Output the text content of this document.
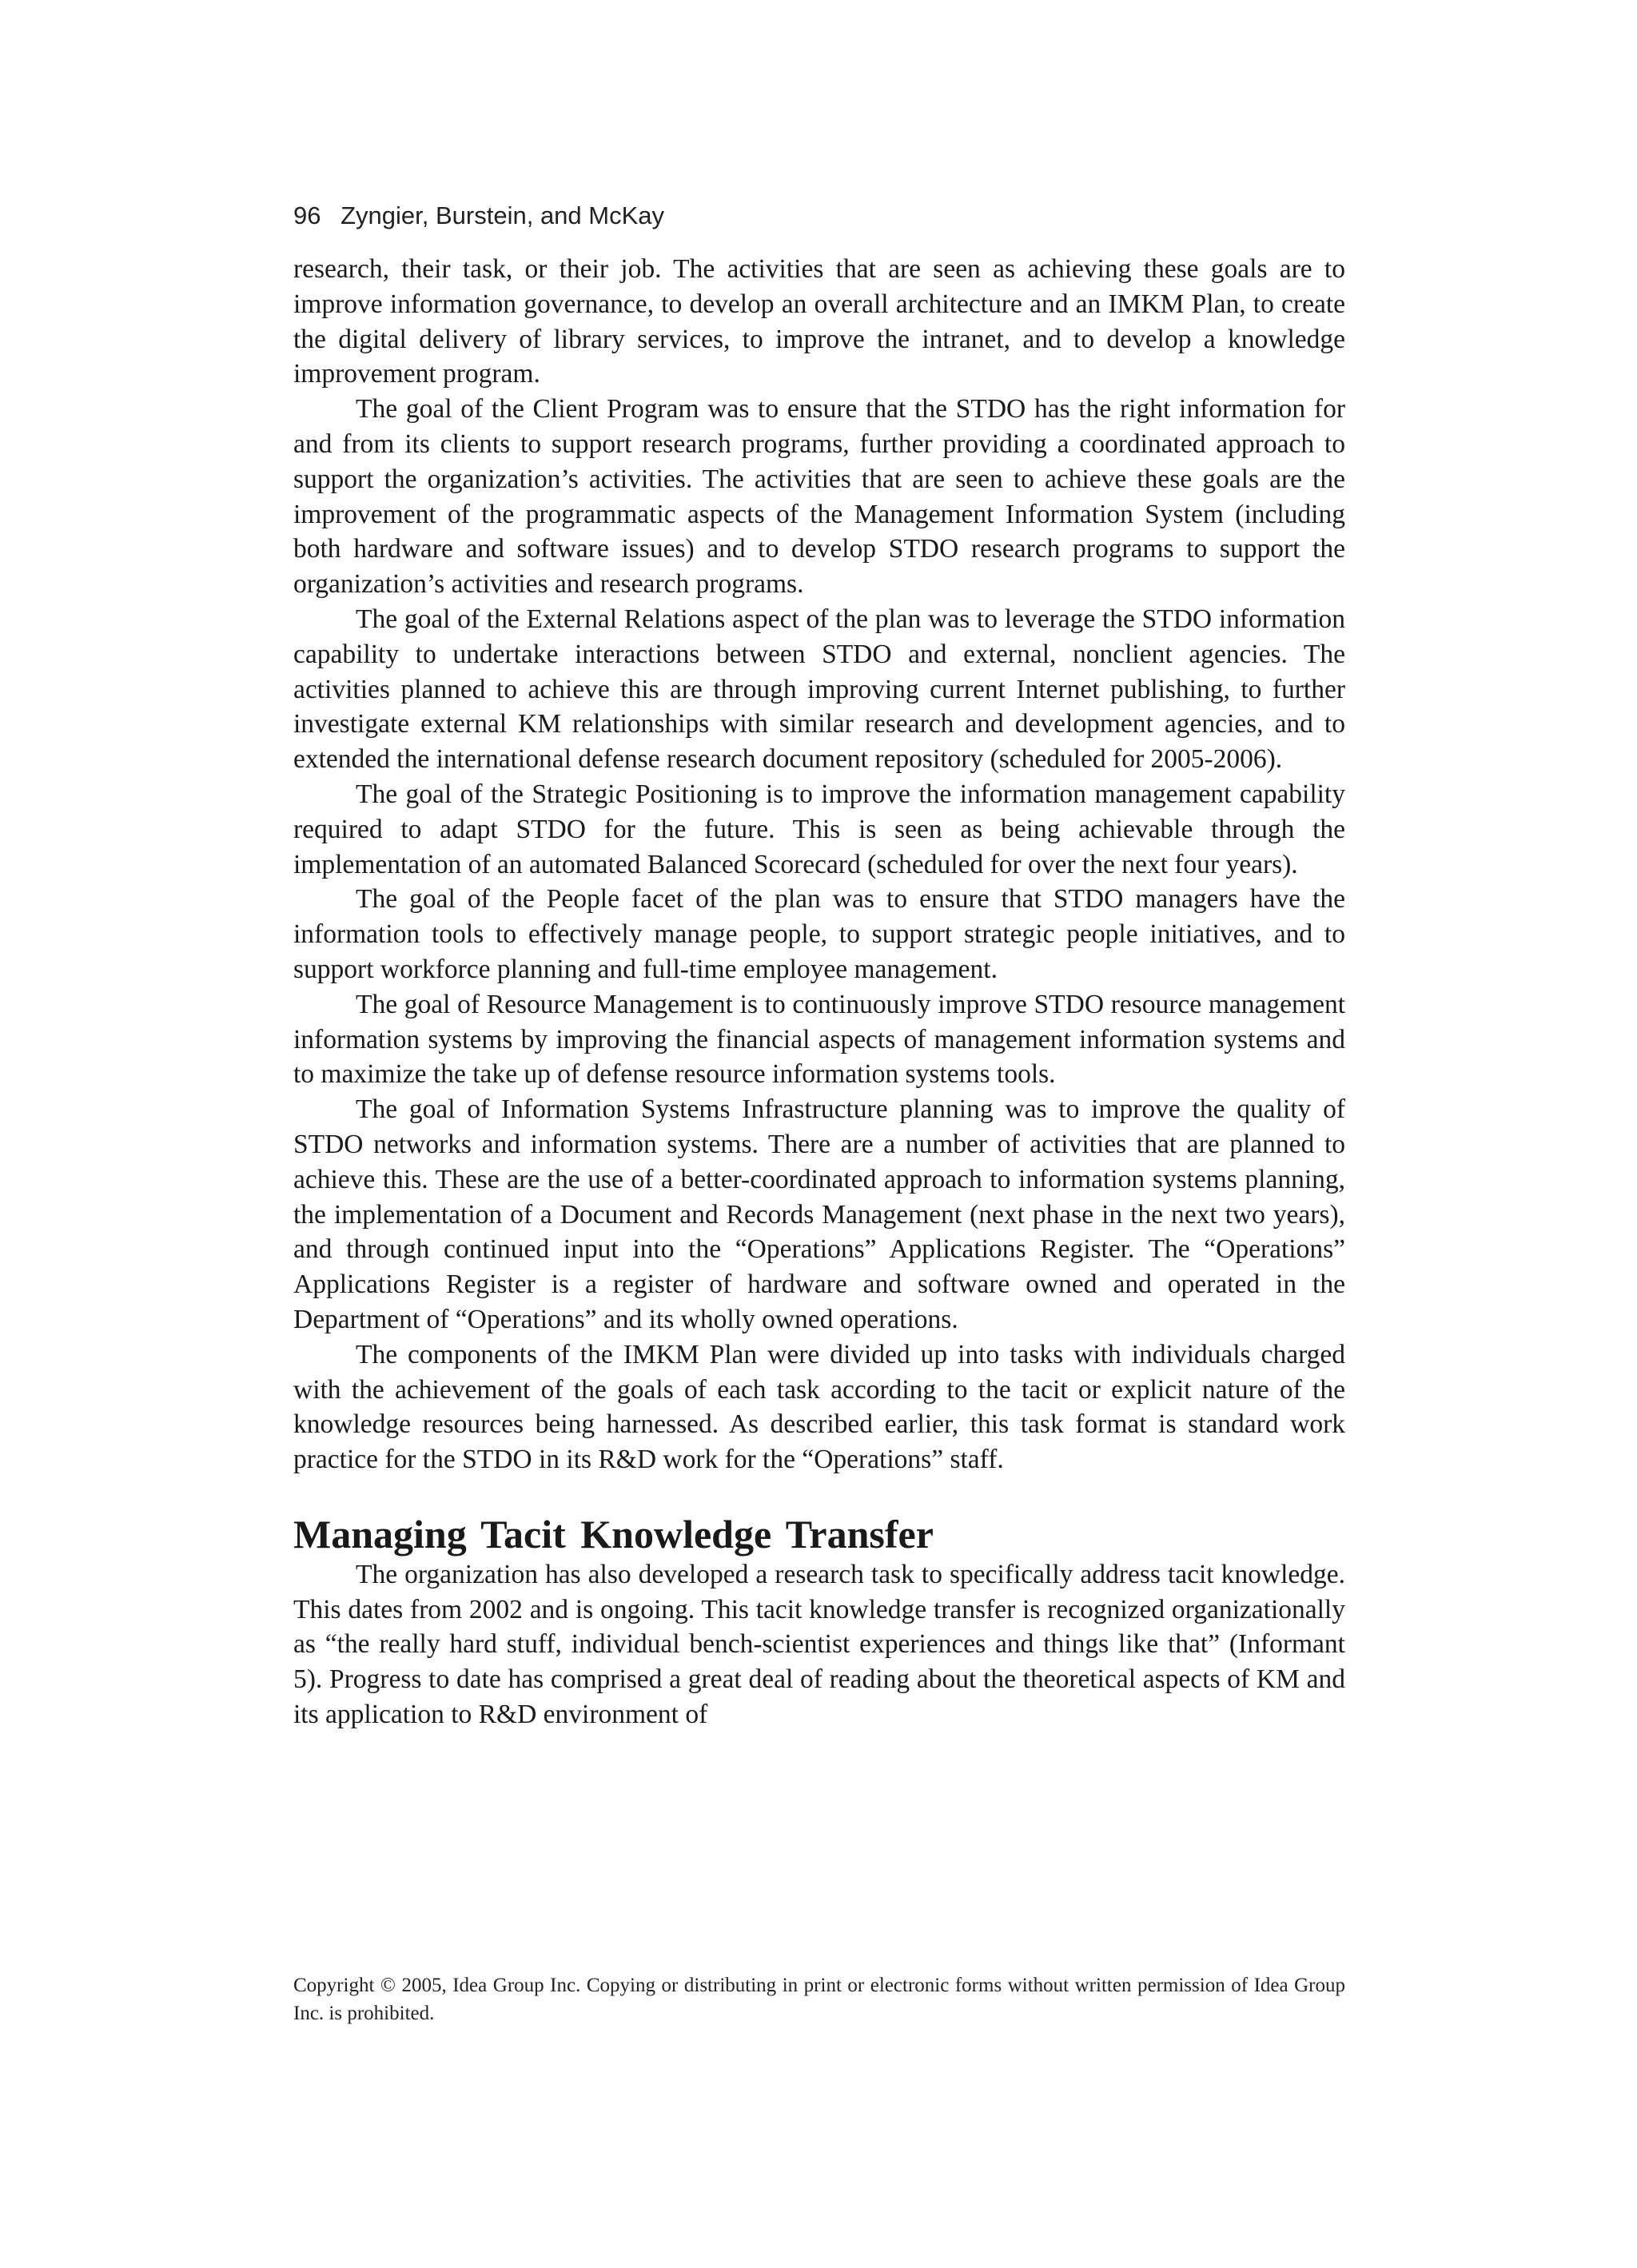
96 Zyngier, Burstein, and McKay

research, their task, or their job. The activities that are seen as achieving these goals are to improve information governance, to develop an overall architecture and an IMKM Plan, to create the digital delivery of library services, to improve the intranet, and to develop a knowledge improvement program.

The goal of the Client Program was to ensure that the STDO has the right information for and from its clients to support research programs, further providing a coordinated approach to support the organization’s activities. The activities that are seen to achieve these goals are the improvement of the programmatic aspects of the Management Information System (including both hardware and software issues) and to develop STDO research programs to support the organization’s activities and research programs.

The goal of the External Relations aspect of the plan was to leverage the STDO information capability to undertake interactions between STDO and external, nonclient agencies. The activities planned to achieve this are through improving current Internet publishing, to further investigate external KM relationships with similar research and development agencies, and to extended the international defense research document repository (scheduled for 2005-2006).

The goal of the Strategic Positioning is to improve the information management capability required to adapt STDO for the future. This is seen as being achievable through the implementation of an automated Balanced Scorecard (scheduled for over the next four years).

The goal of the People facet of the plan was to ensure that STDO managers have the information tools to effectively manage people, to support strategic people initiatives, and to support workforce planning and full-time employee management.

The goal of Resource Management is to continuously improve STDO resource management information systems by improving the financial aspects of management information systems and to maximize the take up of defense resource information systems tools.

The goal of Information Systems Infrastructure planning was to improve the quality of STDO networks and information systems. There are a number of activities that are planned to achieve this. These are the use of a better-coordinated approach to information systems planning, the implementation of a Document and Records Management (next phase in the next two years), and through continued input into the “Operations” Applications Register. The “Operations” Applications Register is a register of hardware and software owned and operated in the Department of “Operations” and its wholly owned operations.

The components of the IMKM Plan were divided up into tasks with individuals charged with the achievement of the goals of each task according to the tacit or explicit nature of the knowledge resources being harnessed. As described earlier, this task format is standard work practice for the STDO in its R&D work for the “Operations” staff.

Managing Tacit Knowledge Transfer

The organization has also developed a research task to specifically address tacit knowledge. This dates from 2002 and is ongoing. This tacit knowledge transfer is recognized organizationally as “the really hard stuff, individual bench-scientist experiences and things like that” (Informant 5). Progress to date has comprised a great deal of reading about the theoretical aspects of KM and its application to R&D environment of

Copyright © 2005, Idea Group Inc. Copying or distributing in print or electronic forms without written permission of Idea Group Inc. is prohibited.
